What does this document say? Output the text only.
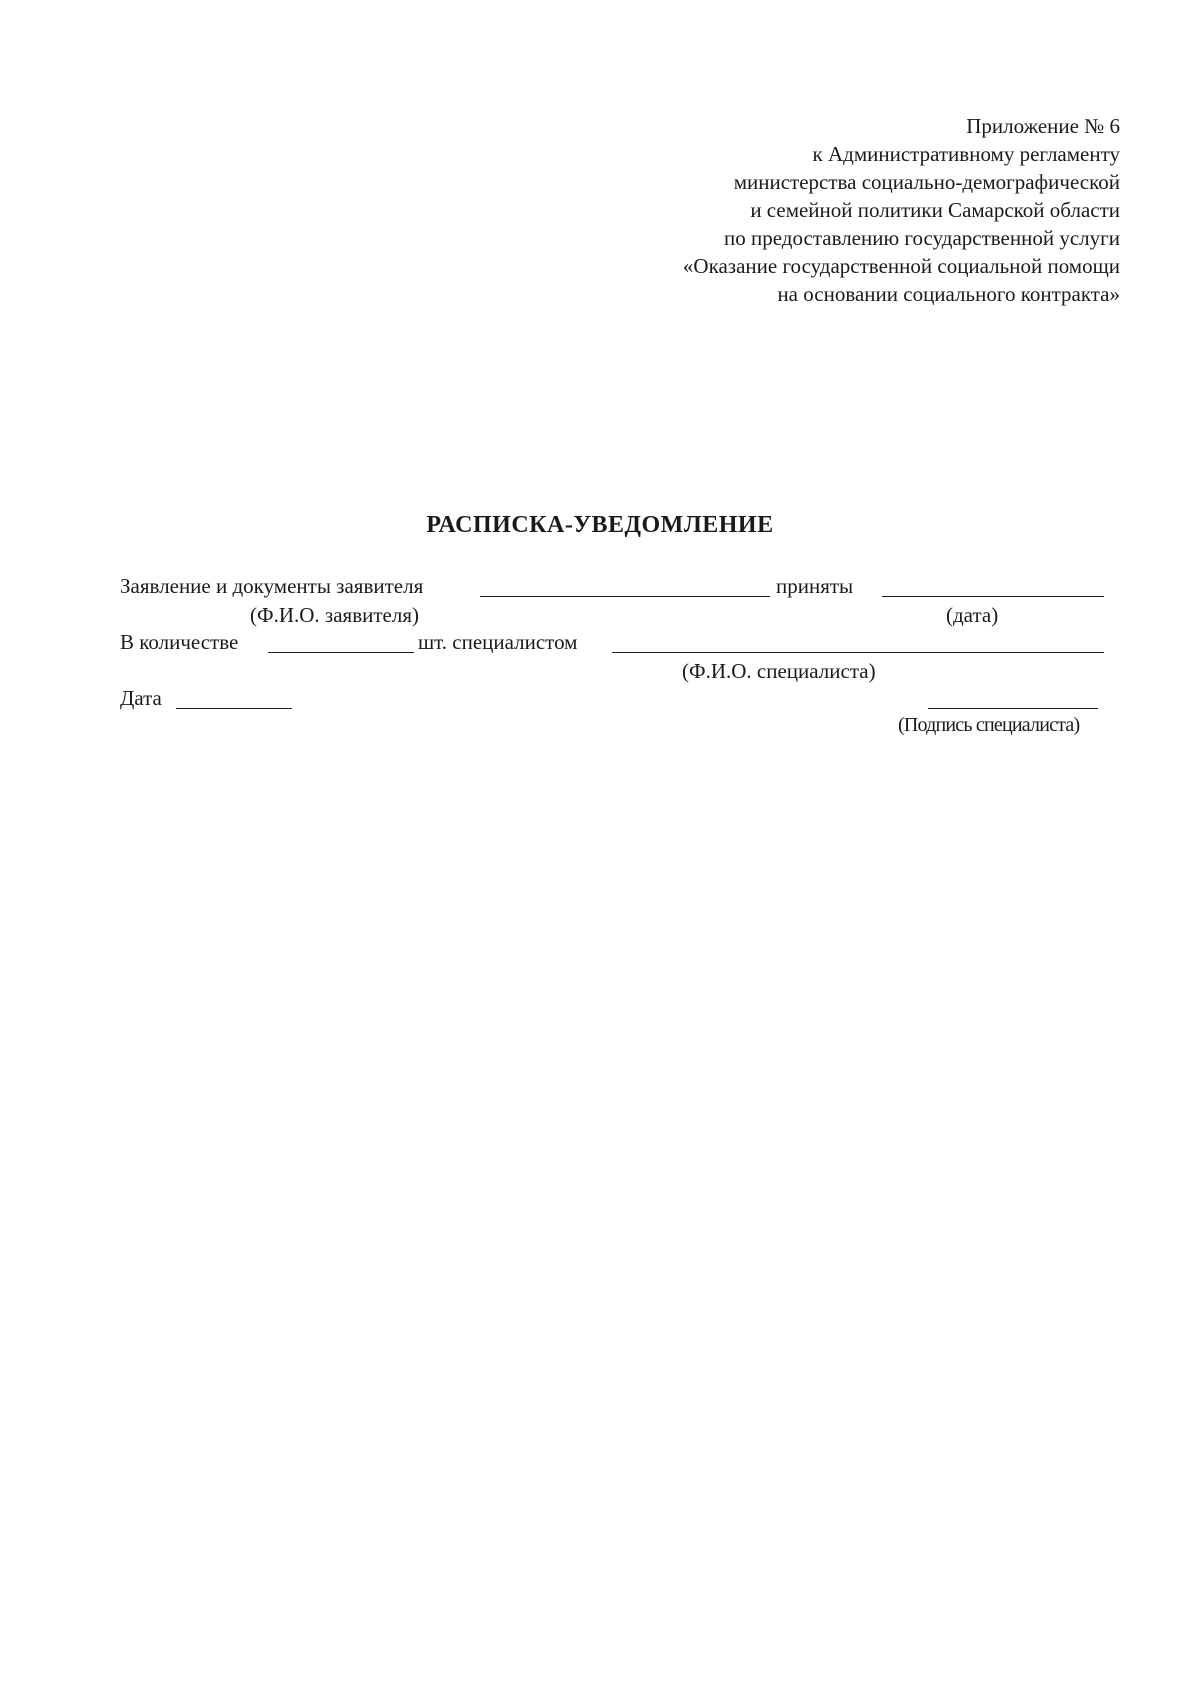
Приложение № 6
к Административному регламенту
министерства социально-демографической
и семейной политики Самарской области
по предоставлению государственной услуги
«Оказание государственной социальной помощи
на основании социального контракта»
РАСПИСКА-УВЕДОМЛЕНИЕ
Заявление и документы заявителя	приняты
(Ф.И.О. заявителя)	(дата)
В количестве	шт. специалистом
(Ф.И.О. специалиста)
Дата
(Подпись специалиста)
